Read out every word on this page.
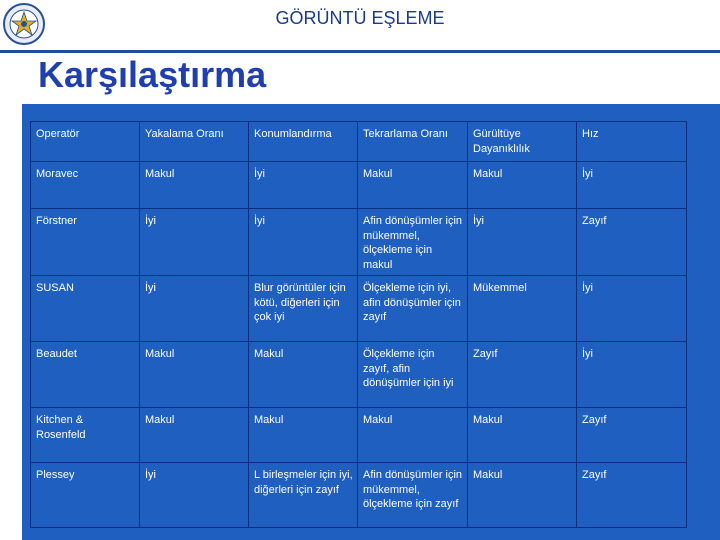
GÖRÜNTÜ EŞLEME
Karşılaştırma
Operatör	Yakalama Oranı	Konumlandırma	Tekrarlama Oranı	Gürültüye Dayanıklılık	Hız
Moravec	Makul	İyi	Makul	Makul	İyi
Förstner	İyi	İyi	Afin dönüşümler için mükemmel, ölçekleme için makul	İyi	Zayıf
SUSAN	İyi	Blur görüntüler için kötü, diğerleri için çok iyi	Ölçekleme için iyi, afin dönüşümler için zayıf	Mükemmel	İyi
Beaudet	Makul	Makul	Ölçekleme için zayıf, afin dönüşümler için iyi	Zayıf	İyi
Kitchen & Rosenfeld	Makul	Makul	Makul	Makul	Zayıf
Plessey	İyi	L birleşmeler için iyi, diğerleri için zayıf	Afin dönüşümler için mükemmel, ölçekleme için zayıf	Makul	Zayıf
